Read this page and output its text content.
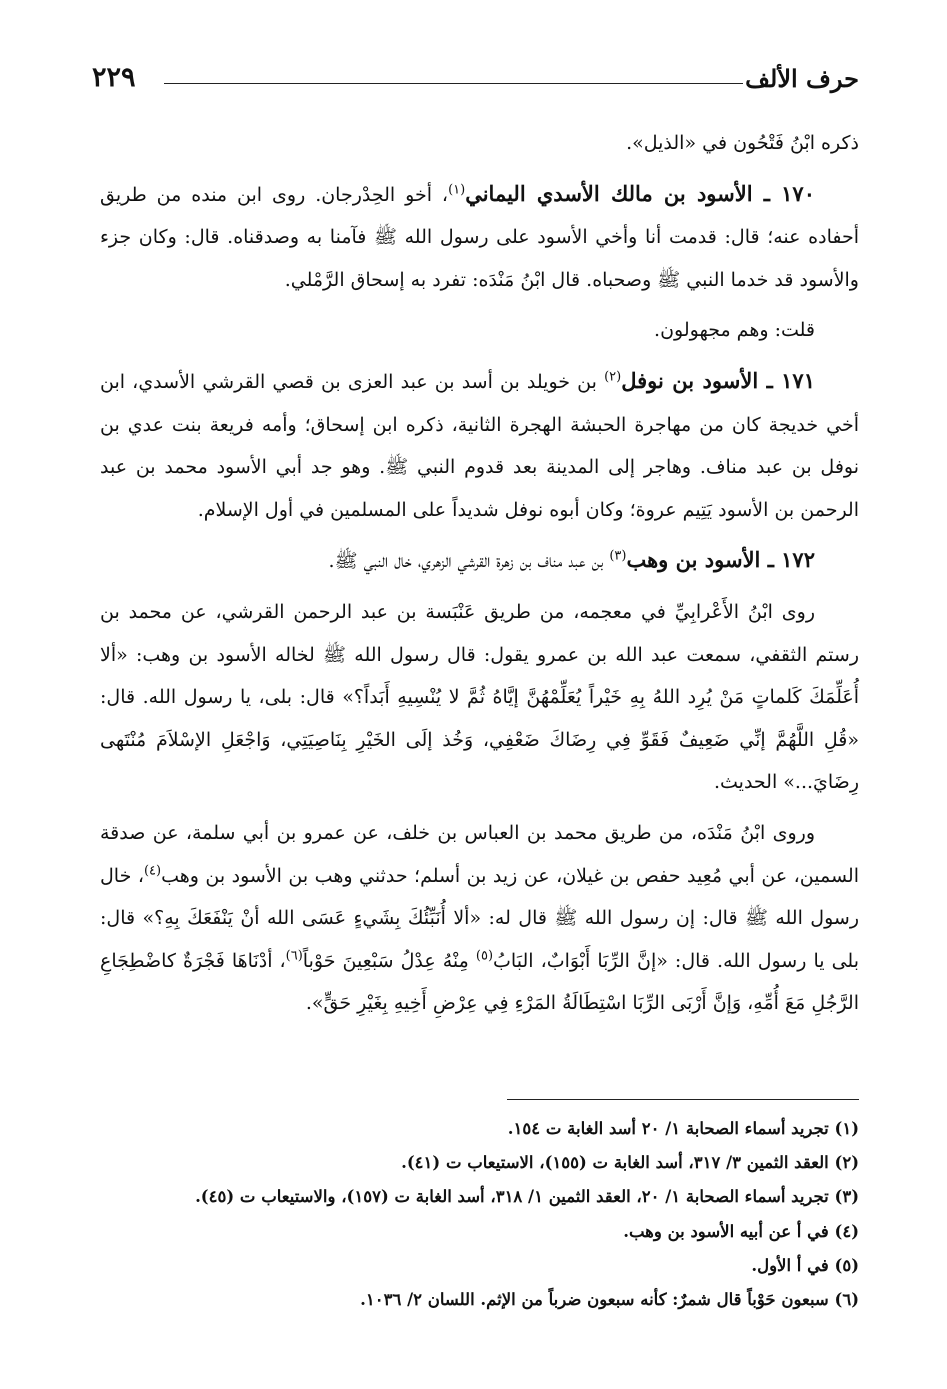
حرف الألف
٢٢٩

ذكره ابْنُ فَتْحُون في «الذيل».

١٧٠ ـ الأسود بن مالك الأسدي اليماني$^{(١)}$، أخو الحِدْرجان. روى ابن منده من طريق أحفاده عنه؛ قال: قدمت أنا وأخي الأسود على رسول الله ﷺ فآمنا به وصدقناه. قال: وكان جزء والأسود قد خدما النبي ﷺ وصحباه. قال ابْنُ مَنْدَه: تفرد به إسحاق الرَّمْلي.

قلت: وهم مجهولون.

١٧١ ـ الأسود بن نوفل$^{(٢)}$ بن خويلد بن أسد بن عبد العزى بن قصي القرشي الأسدي، ابن أخي خديجة كان من مهاجرة الحبشة الهجرة الثانية، ذكره ابن إسحاق؛ وأمه فريعة بنت عدي بن نوفل بن عبد مناف. وهاجر إلى المدينة بعد قدوم النبي ﷺ. وهو جد أبي الأسود محمد بن عبد الرحمن بن الأسود يَتِيم عروة؛ وكان أبوه نوفل شديداً على المسلمين في أول الإسلام.

١٧٢ ـ الأسود بن وهب$^{(٣)}$ بن عبد مناف بن زهرة القرشي الزهري، خال النبي ﷺ.

روى ابْنُ الأَعْرابِيِّ في معجمه، من طريق عَنْبَسة بن عبد الرحمن القرشي، عن محمد بن رستم الثقفي، سمعت عبد الله بن عمرو يقول: قال رسول الله ﷺ لخاله الأسود بن وهب: «ألا أُعَلِّمَكَ كَلماتٍ مَنْ يُرِد اللهُ بِهِ خَيْراً يُعَلِّمْهُنَّ إيَّاهُ ثُمَّ لا يُنْسِيهِ أَبَداً؟» قال: بلى، يا رسول الله. قال: «قُلِ اللَّهُمَّ إنِّي ضَعِيفٌ فَقَوِّ فِي رِضَاكَ ضَعْفِي، وَخُذ إلَى الخَيْرِ بِنَاصِيَتِي، وَاجْعَلِ الإسْلاَمَ مُنْتَهى رِضَايَ...» الحديث.

وروى ابْنُ مَنْدَه، من طريق محمد بن العباس بن خلف، عن عمرو بن أبي سلمة، عن صدقة السمين، عن أبي مُعِيد حفص بن غيلان، عن زيد بن أسلم؛ حدثني وهب بن الأسود بن وهب$^{(٤)}$، خال رسول الله ﷺ قال: إن رسول الله ﷺ قال له: «ألا أُنَبِّئُكَ بِشَيءٍ عَسَى الله أنْ يَنْفَعَكَ بِهِ؟» قال: بلى يا رسول الله. قال: «إنَّ الرِّبَا أَبْوَابٌ، البَابُ$^{(٥)}$ مِنْهُ عِدْلُ سَبْعِينَ حَوْباً$^{(٦)}$، أدْنَاهَا فَجْرَةٌ كاضْطِجَاعِ الرَّجُلِ مَعَ أُمِّهِ، وَإنَّ أَرْبَى الرِّبَا اسْتِطَالَةُ المَرْءِ فِي عِرْضِ أَخِيهِ بِغَيْرِ حَقٍّ».

(١) تجريد أسماء الصحابة ١/ ٢٠ أسد الغابة ت ١٥٤.
(٢) العقد الثمين ٣/ ٣١٧، أسد الغابة ت (١٥٥)، الاستيعاب ت (٤١).
(٣) تجريد أسماء الصحابة ١/ ٢٠، العقد الثمين ١/ ٣١٨، أسد الغابة ت (١٥٧)، والاستيعاب ت (٤٥).
(٤) في أ عن أبيه الأسود بن وهب.
(٥) في أ الأول.
(٦) سبعون حَوْباً قال شمرٌ: كأنه سبعون ضرباً من الإثم. اللسان ٢/ ١٠٣٦.
